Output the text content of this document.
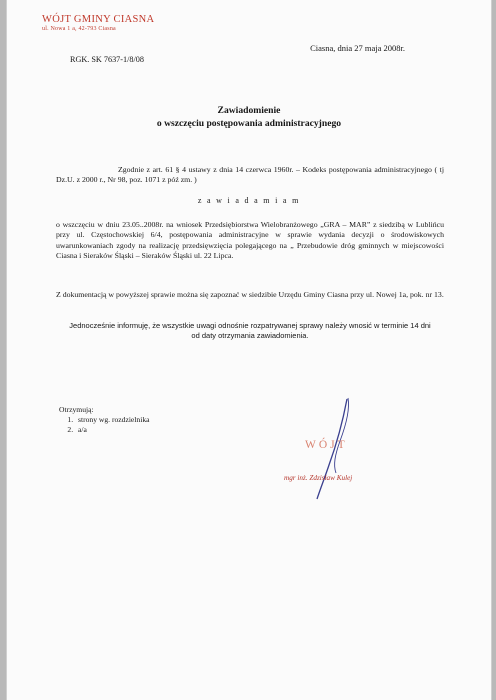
WÓJT GMINY CIASNA
ul. Nowa 1 a, 42-793 Ciasna
Ciasna, dnia 27 maja 2008r.
RGK. SK 7637-1/8/08
Zawiadomienie
o wszczęciu postępowania administracyjnego
Zgodnie z art. 61 § 4 ustawy z dnia 14 czerwca 1960r. – Kodeks postępowania administracyjnego ( tj Dz.U. z 2000 r., Nr 98, poz. 1071 z póź zm. )
z a w i a d a m i a m
o wszczęciu w dniu 23.05..2008r. na wniosek Przedsiębiorstwa Wielobranżowego „GRA – MAR” z siedzibą w Lublińcu przy ul. Częstochowskiej 6/4, postępowania administracyjne w sprawie wydania decyzji o środowiskowych uwarunkowaniach zgody na realizację przedsięwzięcia polegającego na „ Przebudowie dróg gminnych w miejscowości Ciasna i Sieraków Śląski – Sieraków Śląski ul. 22 Lipca.
Z dokumentacją w powyższej sprawie można się zapoznać w siedzibie Urzędu Gminy Ciasna przy ul. Nowej 1a, pok. nr 13.
Jednocześnie informuję, że wszystkie uwagi odnośnie rozpatrywanej sprawy należy wnosić w terminie 14 dni od daty otrzymania zawiadomienia.
Otrzymują:
1. strony wg. rozdzielnika
2. a/a
WÓJT
mgr inż. Zdzisław Kulej
